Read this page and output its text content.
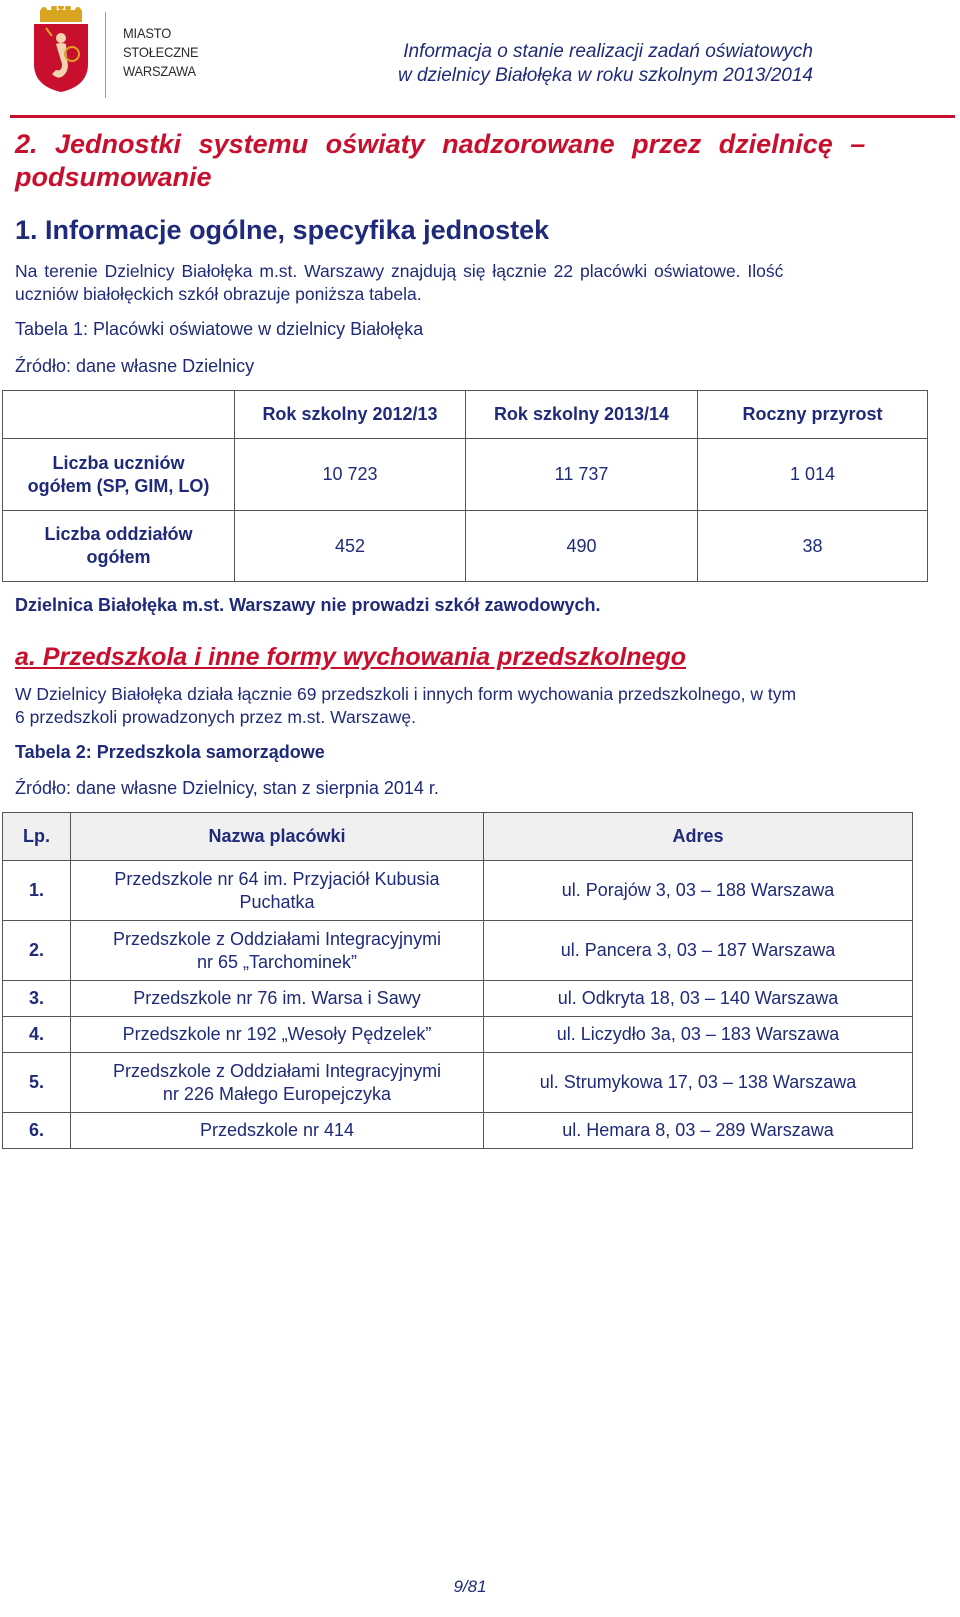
MIASTO
STOŁECZNE
WARSZAWA
Informacja o stanie realizacji zadań oświatowych
w dzielnicy Białołęka w roku szkolnym 2013/2014
2. Jednostki systemu oświaty nadzorowane przez dzielnicę –
podsumowanie
1. Informacje ogólne, specyfika jednostek
Na terenie Dzielnicy Białołęka m.st. Warszawy znajdują się łącznie 22 placówki oświatowe. Ilość
uczniów białołęckich szkół obrazuje poniższa tabela.
Tabela 1: Placówki oświatowe w dzielnicy Białołęka
Źródło: dane własne Dzielnicy
	Rok szkolny 2012/13	Rok szkolny 2013/14	Roczny przyrost

Liczba uczniów
ogółem (SP, GIM, LO)	10 723	11 737	1 014

Liczba oddziałów
ogółem	452	490	38
Dzielnica Białołęka m.st. Warszawy nie prowadzi szkół zawodowych.
a. Przedszkola i inne formy wychowania przedszkolnego
W Dzielnicy Białołęka działa łącznie 69 przedszkoli i innych form wychowania przedszkolnego, w tym
6 przedszkoli prowadzonych przez m.st. Warszawę.
Tabela 2: Przedszkola samorządowe
Źródło: dane własne Dzielnicy, stan z sierpnia 2014 r.
Lp.	Nazwa placówki	Adres
1.	Przedszkole nr 64 im. Przyjaciół Kubusia
Puchatka	ul. Porajów 3, 03 – 188 Warszawa
2.	Przedszkole z Oddziałami Integracyjnymi
nr 65 „Tarchominek”	ul. Pancera 3, 03 – 187 Warszawa
3.	Przedszkole nr 76 im. Warsa i Sawy	ul. Odkryta 18, 03 – 140 Warszawa
4.	Przedszkole nr 192 „Wesoły Pędzelek”	ul. Liczydło 3a, 03 – 183 Warszawa
5.	Przedszkole z Oddziałami Integracyjnymi
nr 226 Małego Europejczyka	ul. Strumykowa 17, 03 – 138 Warszawa
6.	Przedszkole nr 414	ul. Hemara 8, 03 – 289 Warszawa
9/81
